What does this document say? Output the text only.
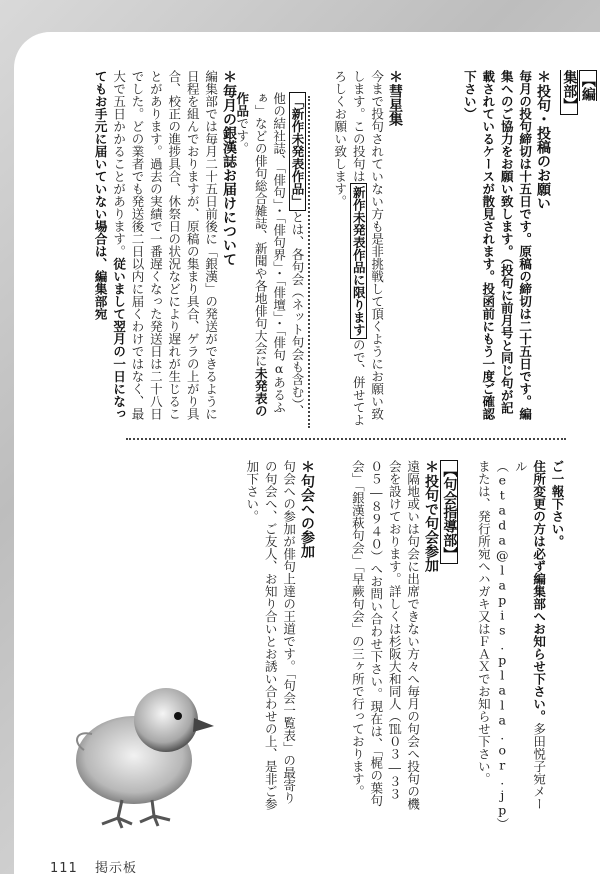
【編集部】
＊投句・投稿のお願い
毎月の投句締切は十五日です。原稿の締切は二十五日です。編集へのご協力をお願い致します。（投句に前月号と同じ句が記載されているケースが散見されます。投函前にもう一度ご確認下さい）
＊彗星集
今まで投句されていない方も是非挑戦して頂くようにお願い致します。この投句は新作未発表作品に限りますので、併せてよろしくお願い致します。
「新作未発表作品」とは、各句会（ネット句会も含む）、他の結社誌、「俳句」・「俳句界」・「俳壇」・「俳句αあるふぁ」などの俳句総合雑誌、新聞や各地俳句大会に未発表の作品です。
＊毎月の銀漢誌お届けについて
編集部では毎月二十五日前後に「銀漢」の発送ができるように日程を組んでおりますが、原稿の集まり具合、ゲラの上がり具合、校正の進捗具合、休祭日の状況などにより遅れが生じることがあります。過去の実績で一番遅くなった発送日は二十八日でした。どの業者でも発送後二日以内に届くわけではなく、最大で五日かかることがあります。従いまして翌月の一日になってもお手元に届いていない場合は、編集部宛
ご一報下さい。
住所変更の方は必ず編集部へお知らせ下さい。多田悦子宛メール（etada@lapis.plala.or.jp）または、発行所宛へハガキ又はＦＡＸでお知らせ下さい。
【句会指導部】
＊投句で句会参加
遠隔地或いは句会に出席できない方々へ毎月の句会へ投句の機会を設けております。詳しくは杉阪大和同人（℡０３―３３０５―８９４０）へお問い合わせ下さい。現在は、「梶の葉句会」「銀漢萩句会」「早蕨句会」の三ヶ所で行っております。
＊句会への参加
句会への参加が俳句上達の王道です。「句会一覧表」の最寄りの句会へ、ご友人、お知り合いとお誘い合わせの上、是非ご参加下さい。
111 掲示板
